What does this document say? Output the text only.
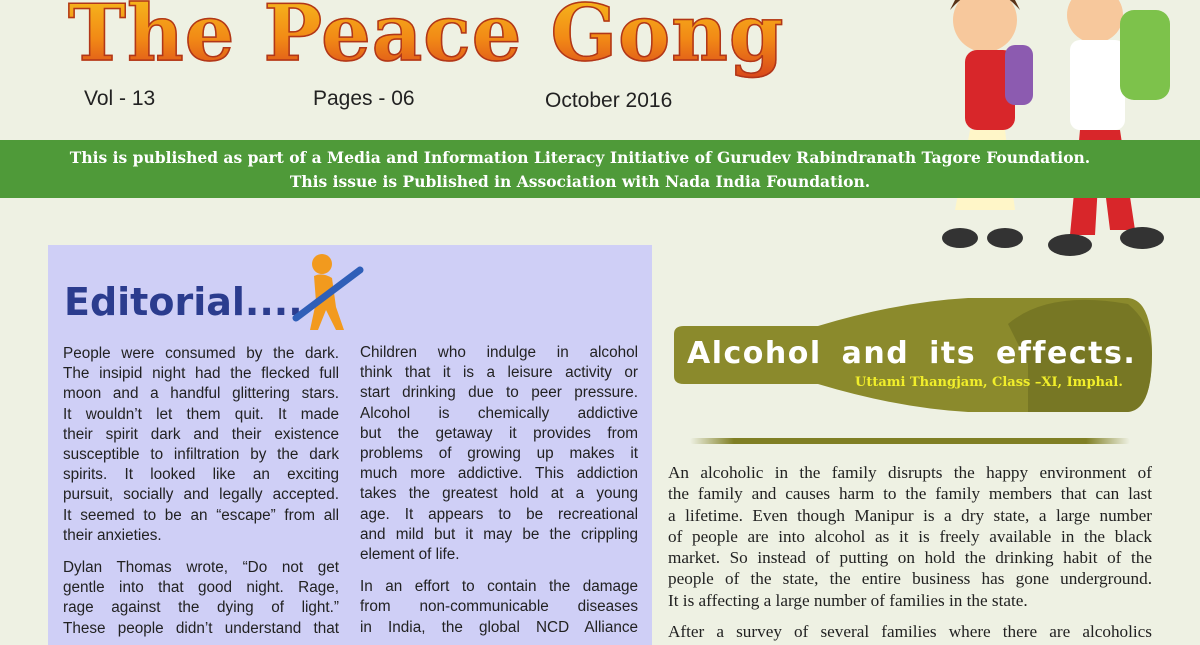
The Peace Gong
Vol - 13	Pages - 06	October 2016
This is published as part of a Media and Information Literacy Initiative of Gurudev Rabindranath Tagore Foundation.
This issue is Published in Association with Nada India Foundation.
Editorial....
People were consumed by the dark.
The insipid night had the flecked full
moon and a handful glittering stars.
It wouldn’t let them quit. It made
their spirit dark and their existence
susceptible to infiltration by the dark
spirits. It looked like an exciting
pursuit, socially and legally accepted.
It seemed to be an “escape” from all
their anxieties.
Dylan Thomas wrote, “Do not get
gentle into that good night. Rage,
rage against the dying of light.”
These people didn’t understand that
Children who indulge in alcohol
think that it is a leisure activity or
start drinking due to peer pressure.
Alcohol is chemically addictive
but the getaway it provides from
problems of growing up makes it
much more addictive. This addiction
takes the greatest hold at a young
age. It appears to be recreational
and mild but it may be the crippling
element of life.
In an effort to contain the damage
from non-communicable diseases
in India, the global NCD Alliance
Alcohol and its effects.
Uttami Thangjam, Class –XI, Imphal.
An alcoholic in the family disrupts the happy environment of
the family and causes harm to the family members that can last
a lifetime. Even though Manipur is a dry state, a large number
of people are into alcohol as it is freely available in the black
market. So instead of putting on hold the drinking habit of the
people of the state, the entire business has gone underground.
It is affecting a large number of families in the state.
After a survey of several families where there are alcoholics
